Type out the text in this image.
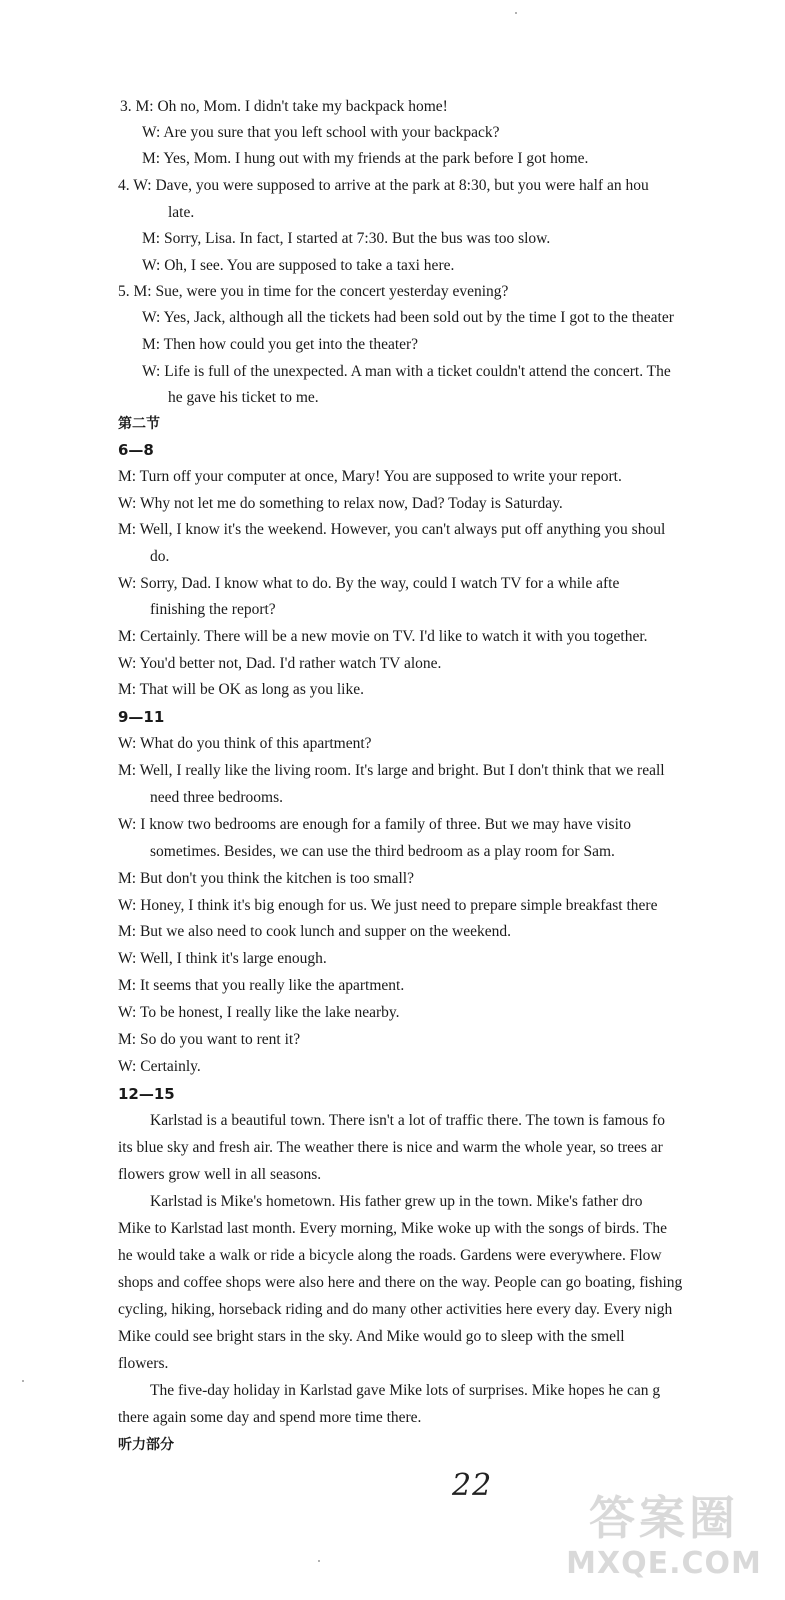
3. M: Oh no, Mom. I didn't take my backpack home!
W: Are you sure that you left school with your backpack?
M: Yes, Mom. I hung out with my friends at the park before I got home.
4. W: Dave, you were supposed to arrive at the park at 8:30, but you were half an hou
late.
M: Sorry, Lisa. In fact, I started at 7:30. But the bus was too slow.
W: Oh, I see. You are supposed to take a taxi here.
5. M: Sue, were you in time for the concert yesterday evening?
W: Yes, Jack, although all the tickets had been sold out by the time I got to the theater
M: Then how could you get into the theater?
W: Life is full of the unexpected. A man with a ticket couldn't attend the concert. The
he gave his ticket to me.
第二节
6—8
M: Turn off your computer at once, Mary! You are supposed to write your report.
W: Why not let me do something to relax now, Dad? Today is Saturday.
M: Well, I know it's the weekend. However, you can't always put off anything you shoul
do.
W: Sorry, Dad. I know what to do. By the way, could I watch TV for a while afte
finishing the report?
M: Certainly. There will be a new movie on TV. I'd like to watch it with you together.
W: You'd better not, Dad. I'd rather watch TV alone.
M: That will be OK as long as you like.
9—11
W: What do you think of this apartment?
M: Well, I really like the living room. It's large and bright. But I don't think that we reall
need three bedrooms.
W: I know two bedrooms are enough for a family of three. But we may have visito
sometimes. Besides, we can use the third bedroom as a play room for Sam.
M: But don't you think the kitchen is too small?
W: Honey, I think it's big enough for us. We just need to prepare simple breakfast there
M: But we also need to cook lunch and supper on the weekend.
W: Well, I think it's large enough.
M: It seems that you really like the apartment.
W: To be honest, I really like the lake nearby.
M: So do you want to rent it?
W: Certainly.
12—15
Karlstad is a beautiful town. There isn't a lot of traffic there. The town is famous fo
its blue sky and fresh air. The weather there is nice and warm the whole year, so trees ar
flowers grow well in all seasons.
Karlstad is Mike's hometown. His father grew up in the town. Mike's father dro
Mike to Karlstad last month. Every morning, Mike woke up with the songs of birds. The
he would take a walk or ride a bicycle along the roads. Gardens were everywhere. Flow
shops and coffee shops were also here and there on the way. People can go boating, fishing
cycling, hiking, horseback riding and do many other activities here every day. Every nigh
Mike could see bright stars in the sky. And Mike would go to sleep with the smell
flowers.
The five-day holiday in Karlstad gave Mike lots of surprises. Mike hopes he can g
there again some day and spend more time there.
听力部分
22
答案圈
MXQE.COM
